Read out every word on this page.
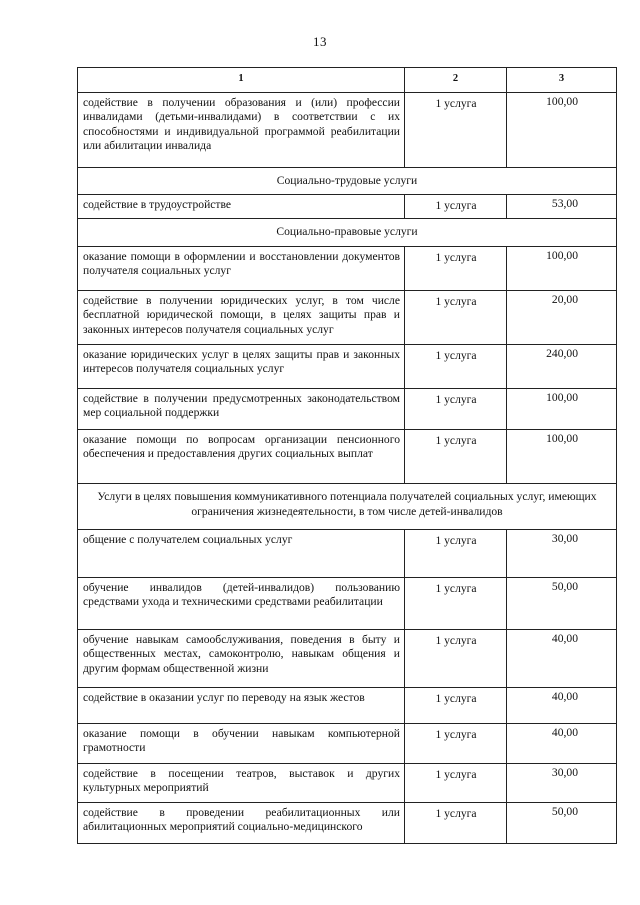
13
1	2	3
содействие в получении образования и (или) профессии инвалидами (детьми-инвалидами) в соответствии с их способностями и индивидуальной программой реабилитации или абилитации инвалида	1 услуга	100,00
Социально-трудовые услуги		
содействие в трудоустройстве	1 услуга	53,00
Социально-правовые услуги		
оказание помощи в оформлении и восстановлении документов получателя социальных услуг	1 услуга	100,00
содействие в получении юридических услуг, в том числе бесплатной юридической помощи, в целях защиты прав и законных интересов получателя социальных услуг	1 услуга	20,00
оказание юридических услуг в целях защиты прав и законных интересов получателя социальных услуг	1 услуга	240,00
содействие в получении предусмотренных законодательством мер социальной поддержки	1 услуга	100,00
оказание помощи по вопросам организации пенсионного обеспечения и предоставления других социальных выплат	1 услуга	100,00
Услуги в целях повышения коммуникативного потенциала получателей социальных услуг, имеющих ограничения жизнедеятельности, в том числе детей-инвалидов		
общение с получателем социальных услуг	1 услуга	30,00
обучение инвалидов (детей-инвалидов) пользованию средствами ухода и техническими средствами реабилитации	1 услуга	50,00
обучение навыкам самообслуживания, поведения в быту и общественных местах, самоконтролю, навыкам общения и другим формам общественной жизни	1 услуга	40,00
содействие в оказании услуг по переводу на язык жестов	1 услуга	40,00
оказание помощи в обучении навыкам компьютерной грамотности	1 услуга	40,00
содействие в посещении театров, выставок и других культурных мероприятий	1 услуга	30,00
содействие в проведении реабилитационных или абилитационных мероприятий социально-медицинского	1 услуга	50,00
